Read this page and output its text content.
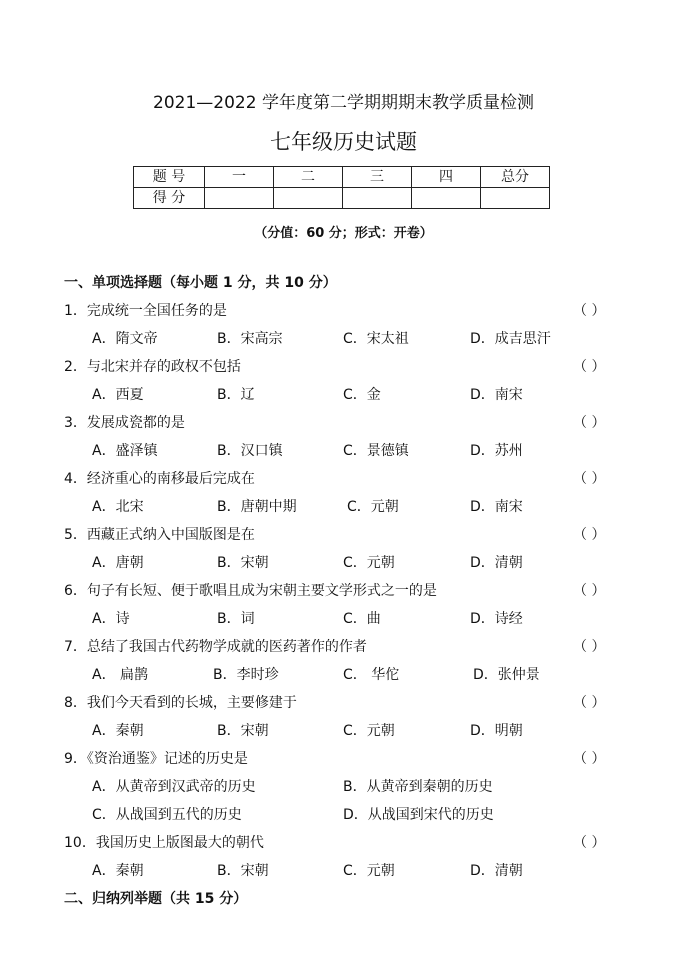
2021—2022 学年度第二学期期期末教学质量检测
七年级历史试题
题 号	一	二	三	四	总分
得 分					
（分值：60 分；形式：开卷）
一、单项选择题（每小题 1 分，共 10 分）
1．完成统一全国任务的是	（ ）
A．隋文帝	B．宋高宗	C．宋太祖	D．成吉思汗
2．与北宋并存的政权不包括	（ ）
A．西夏	B．辽	C．金	D．南宋
3．发展成瓷都的是	（ ）
A．盛泽镇	B．汉口镇	C．景德镇	D．苏州
4．经济重心的南移最后完成在	（ ）
A．北宋	B．唐朝中期	C．元朝	D．南宋
5．西藏正式纳入中国版图是在	（ ）
A．唐朝	B．宋朝	C．元朝	D．清朝
6．句子有长短、便于歌唱且成为宋朝主要文学形式之一的是	（ ）
A．诗	B．词	C．曲	D．诗经
7．总结了我国古代药物学成就的医药著作的作者	（ ）
A． 扁鹊	B．李时珍	C． 华佗	D．张仲景
8．我们今天看到的长城，主要修建于	（ ）
A．秦朝	B．宋朝	C．元朝	D．明朝
9．《资治通鉴》记述的历史是	（ ）
A．从黄帝到汉武帝的历史	B．从黄帝到秦朝的历史
C．从战国到五代的历史	D．从战国到宋代的历史
10．我国历史上版图最大的朝代	（ ）
A．秦朝	B．宋朝	C．元朝	D．清朝
二、归纳列举题（共 15 分）
